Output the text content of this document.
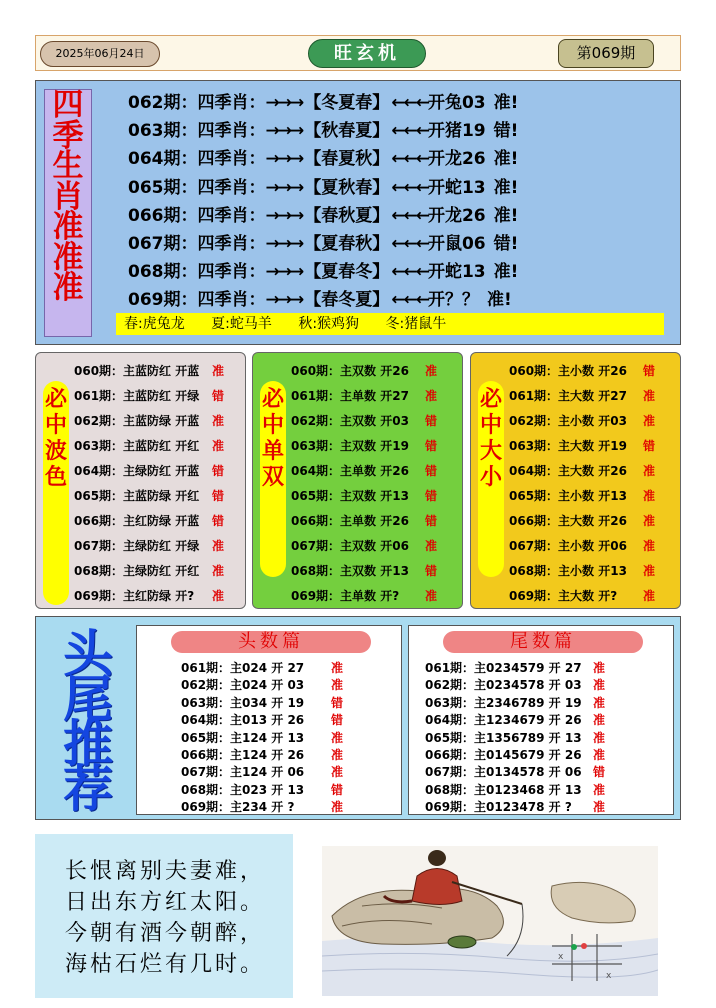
2025年06月24日	旺玄机	第069期
四
季
生
肖
准
准
准
062期：四季肖：→→→ 【冬夏春】 ←←←开兔03 准!
063期：四季肖：→→→ 【秋春夏】 ←←←开猪19 错!
064期：四季肖：→→→ 【春夏秋】 ←←←开龙26 准!
065期：四季肖：→→→ 【夏秋春】 ←←←开蛇13 准!
066期：四季肖：→→→ 【春秋夏】 ←←←开龙26 准!
067期：四季肖：→→→ 【夏春秋】 ←←←开鼠06 错!
068期：四季肖：→→→ 【夏春冬】 ←←←开蛇13 准!
069期：四季肖：→→→ 【春冬夏】 ←←←开？？ 准!
春:虎兔龙 夏:蛇马羊 秋:猴鸡狗 冬:猪鼠牛
必
中
波
色
060期：主蓝防红 开蓝 准
061期：主蓝防红 开绿 错
062期：主蓝防绿 开蓝 准
063期：主蓝防红 开红 准
064期：主绿防红 开蓝 错
065期：主蓝防绿 开红 错
066期：主红防绿 开蓝 错
067期：主绿防红 开绿 准
068期：主绿防红 开红 准
069期：主红防绿 开? 准
必
中
单
双
060期：主双数 开26 准
061期：主单数 开27 准
062期：主双数 开03 错
063期：主双数 开19 错
064期：主单数 开26 错
065期：主双数 开13 错
066期：主单数 开26 错
067期：主双数 开06 准
068期：主双数 开13 错
069期：主单数 开? 准
必
中
大
小
060期：主小数 开26 错
061期：主大数 开27 准
062期：主小数 开03 准
063期：主大数 开19 错
064期：主大数 开26 准
065期：主小数 开13 准
066期：主大数 开26 准
067期：主小数 开06 准
068期：主小数 开13 准
069期：主大数 开? 准
头
尾
推
荐
头数篇
061期：主024 开 27 准
062期：主024 开 03 准
063期：主034 开 19 错
064期：主013 开 26 错
065期：主124 开 13 准
066期：主124 开 26 准
067期：主124 开 06 准
068期：主023 开 13 错
069期：主234 开 ?	准
尾数篇
061期：主0234579 开 27 准
062期：主0234578 开 03 准
063期：主2346789 开 19 准
064期：主1234679 开 26 准
065期：主1356789 开 13 准
066期：主0145679 开 26 准
067期：主0134578 开 06 错
068期：主0123468 开 13 准
069期：主0123478 开 ? 准
长恨离别夫妻难，
日出东方红太阳。
今朝有酒今朝醉，
海枯石烂有几时。	x
x
